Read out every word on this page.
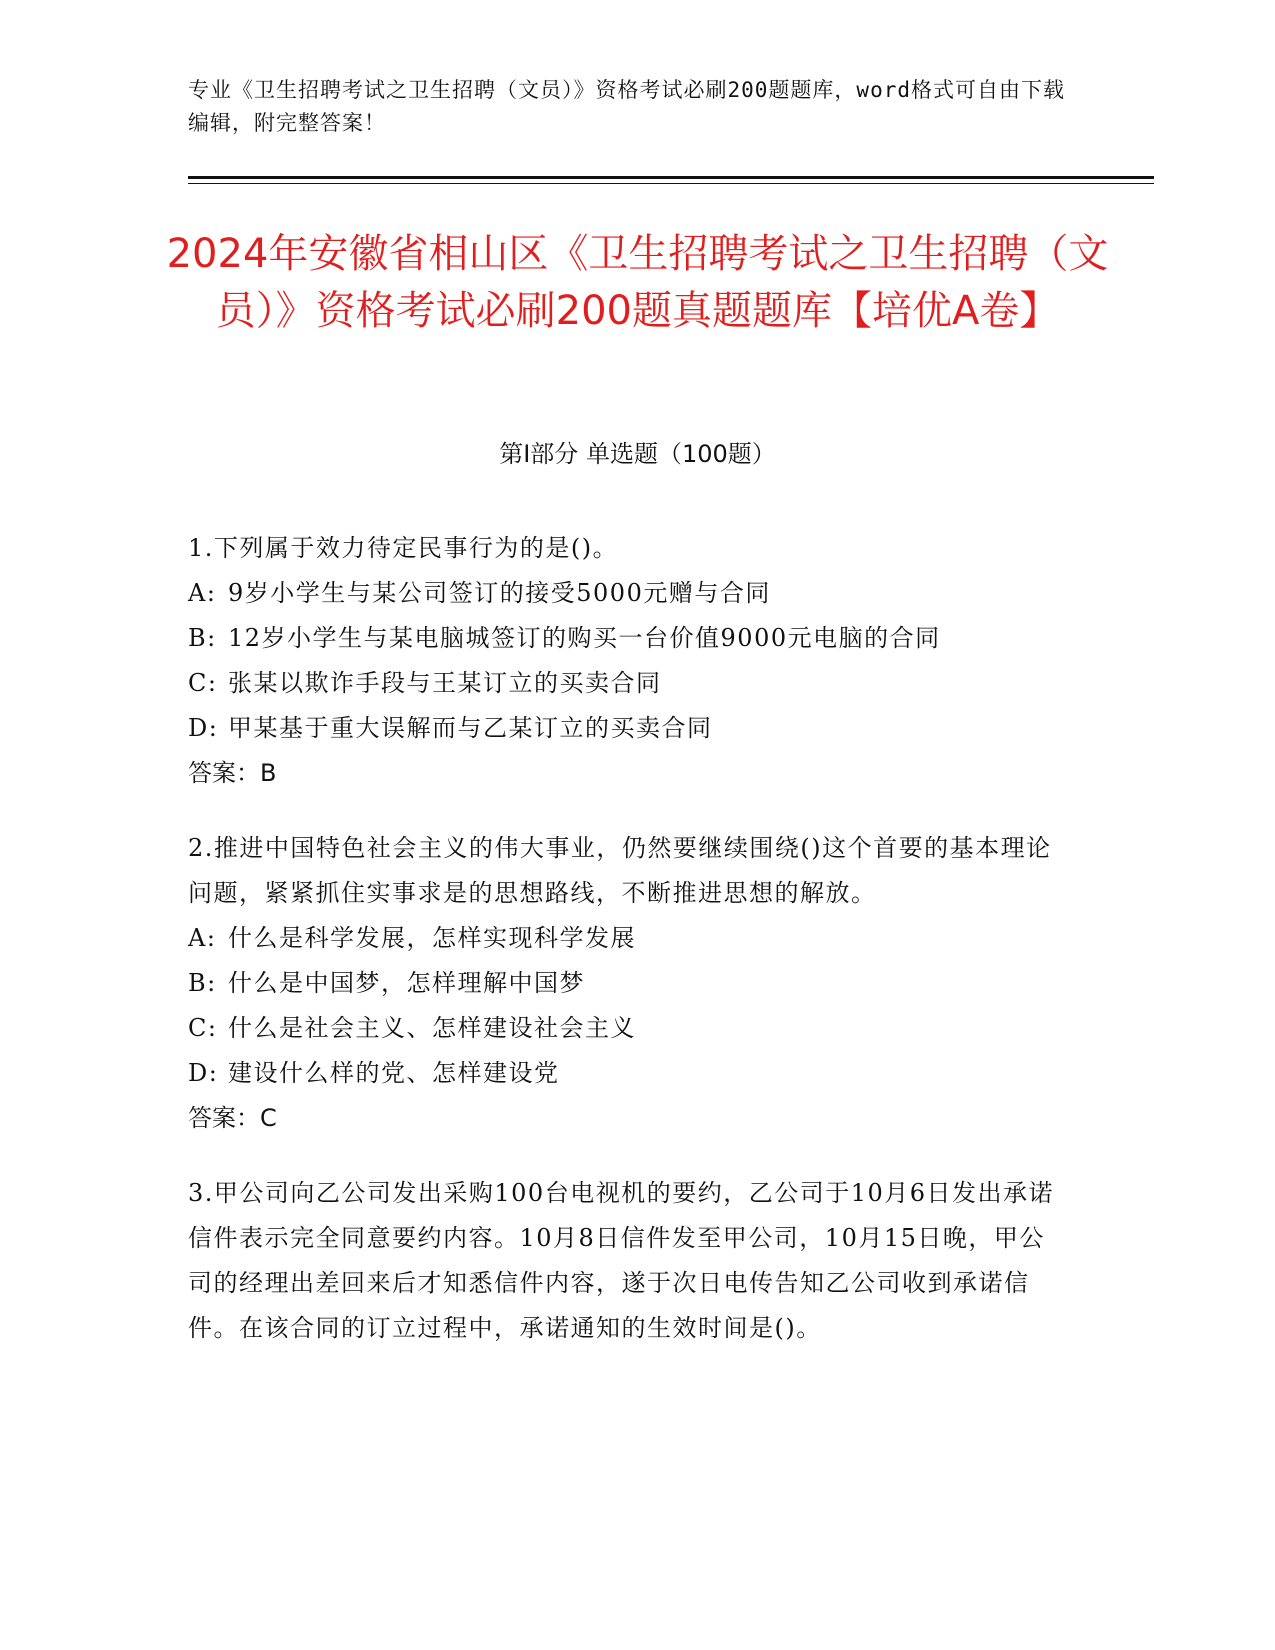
专业《卫生招聘考试之卫生招聘（文员）》资格考试必刷200题题库，word格式可自由下载编辑，附完整答案！
2024年安徽省相山区《卫生招聘考试之卫生招聘（文员）》资格考试必刷200题真题题库【培优A卷】
第Ⅰ部分 单选题（100题）
1.下列属于效力待定民事行为的是()。
A: 9岁小学生与某公司签订的接受5000元赠与合同
B: 12岁小学生与某电脑城签订的购买一台价值9000元电脑的合同
C: 张某以欺诈手段与王某订立的买卖合同
D: 甲某基于重大误解而与乙某订立的买卖合同
答案：B
2.推进中国特色社会主义的伟大事业，仍然要继续围绕()这个首要的基本理论问题，紧紧抓住实事求是的思想路线，不断推进思想的解放。
A: 什么是科学发展，怎样实现科学发展
B: 什么是中国梦，怎样理解中国梦
C: 什么是社会主义、怎样建设社会主义
D: 建设什么样的党、怎样建设党
答案：C
3.甲公司向乙公司发出采购100台电视机的要约，乙公司于10月6日发出承诺信件表示完全同意要约内容。10月8日信件发至甲公司，10月15日晚，甲公司的经理出差回来后才知悉信件内容，遂于次日电传告知乙公司收到承诺信件。在该合同的订立过程中，承诺通知的生效时间是()。
